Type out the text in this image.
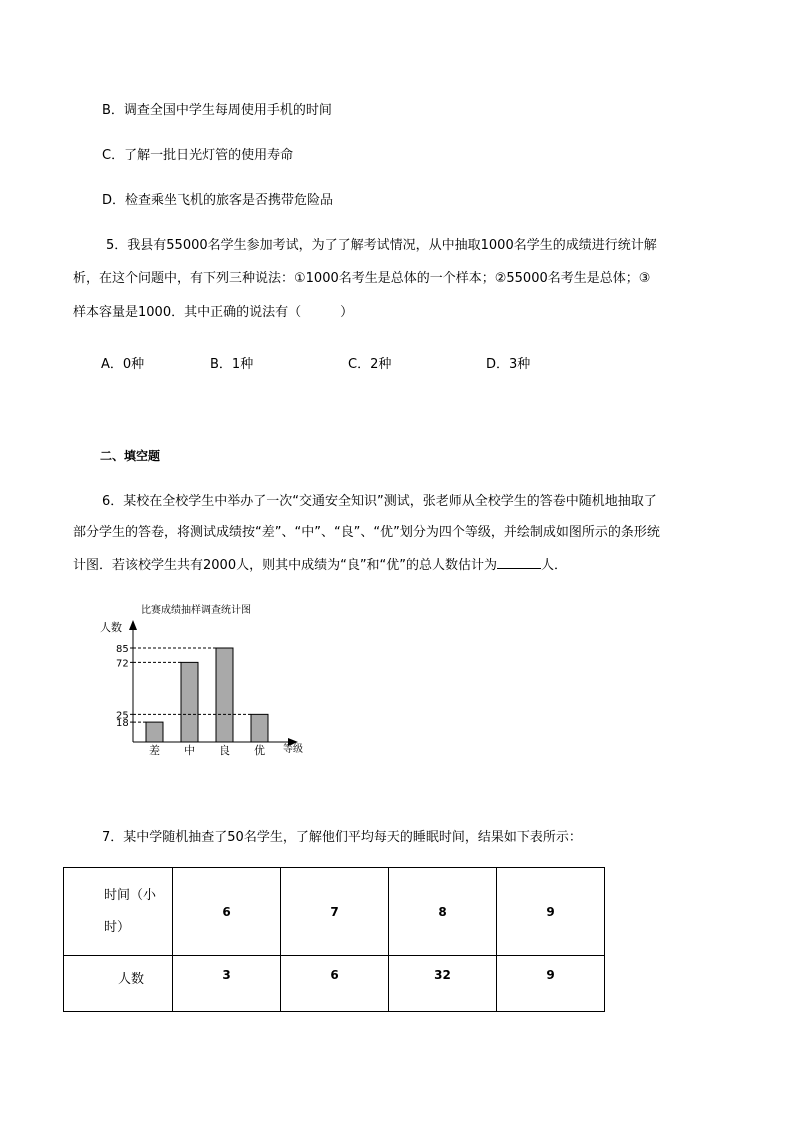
B．调查全国中学生每周使用手机的时间
C．了解一批日光灯管的使用寿命
D．检查乘坐飞机的旅客是否携带危险品
5．我县有55000名学生参加考试，为了了解考试情况，从中抽取1000名学生的成绩进行统计解
析，在这个问题中，有下列三种说法：①1000名考生是总体的一个样本；②55000名考生是总体；③
样本容量是1000．其中正确的说法有（　　　）
A．0种	B．1种	C．2种	D．3种
二、填空题
6．某校在全校学生中举办了一次“交通安全知识”测试，张老师从全校学生的答卷中随机地抽取了
部分学生的答卷，将测试成绩按“差”、“中”、“良”、“优”划分为四个等级，并绘制成如图所示的条形统
计图．若该校学生共有2000人，则其中成绩为“良”和“优”的总人数估计为	人．
比赛成绩抽样调查统计图
人数
等级
18
25
72
85
差 中 良 优
7．某中学随机抽查了50名学生，了解他们平均每天的睡眠时间，结果如下表所示：
时间（小
时）	6	7	8	9

人数	3	6	32	9
